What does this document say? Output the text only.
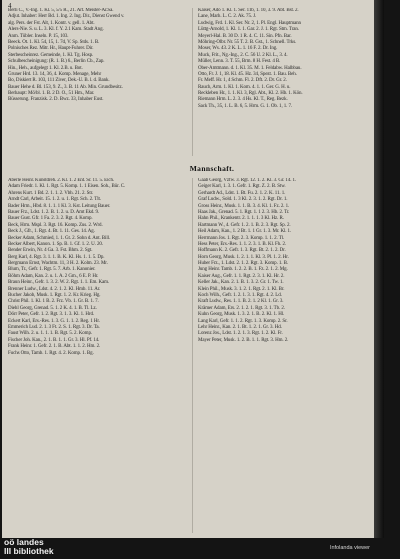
4

Berli C., V.-Ing. 1. Kl. 5, 5/5 R., 21. Art. Meister-Ar.Sa.

Adjut. Inhaber: Herr Bd. 1. Ing. 2. Ing. Dir., Dienst Gwend v.

alg. Pers. der Fst. Alt, 1. Kontr. v. gell. 1. Abt.

Alers-Nie. S. u. L. 3. Kl. f. Y. 2.1 Kam. Stadt Ang.

Anm. Tübler. Inseln. P. 15, 103.

Beeck. Ot. 1. Kl. 54, 15, 1. 7d, V. Sp. Stds. 1. B.

Polnisches Rez. Mitr. Hr., Haupt-Fuhrer. Dir.

Sterbescheinrez. Gemeinde, 1. Kl. Tg. Hosp.

Schulbescheinigung: (R. 1. B.) 6., Berlin Cb., Zap.

Hin., Heh., aufgelegt 1. Kl. 2.B. u. Bot.

Gruner Hrd. 13. 14, 36, 4. Komp. Menage, Mehr

Bo, Diskiert R. 103, 111 Ziver, Dek.-U. B. l. d. Bank.

Bauer Hehe d. Bl. 153, 9. Z., 3. B. 11 Ab. Min. Grundbesitz.

Berhaupt: Mö/bl. 1. B. 2 D. O., 51 Hm., Mar.

Büsserung. Franzisk. 2. D. Bwz. 33, Inhaber Eust.

Kaiser, Ado 1. Kl. 1. Ser. 11b, 1. 10, 3. 9. Abt. Bst. 2.

Lane, Marh. L. C. 2. Ak. 75. J.

Ludwig, Frd. 1. Kl. Ser. Nr. 2, 1. Pl. Engl. Hauptmann

Lüttg-Arnold, 1. Kl. 1. 1. Gar. 2. J. 1. Rgt. Stm. Tran.

Meyerl-Hal. B. 30 D. 1 R. 4. C. 11. Sin. Pfn. Bar.

Möhring-Olbr. Nr. 55 T. 2. B. Gst., 1. Schnell. Trks.

Moser, Ws. 43. 2 K. L. 1. 16 F. 2. Dr. Ing.

Muck, Frit., Ng.-Ing., 2. C. 56 U. 2 Kl. L., 3. 4.

Müller, Lenn. 3. T. 55, Brm. 8 H. Fest. 4 B.

Ober-Amtmann. d. 1. Kl. 35. M. 1. Feldabw. Halbbau.

Otto, Fr. J. 1, 18. Kl. 45. Hz. 34, Spezt. 1. Bau. Beh.

Fr. Meff. Hr. 1, 4 Schm. Fl. 2. Dft. 2. Dr. Gr. 2.

Rauch, Arm. 1. Kl. 1. Kom. 4. 1. 1. Ger. G. H. u.

Reckleben Hr., 1. 1. Kl. 3, Rgl. Abt., Kl. 2. Hb. 1. Kön.

Riemann Hrm. L. 2. 3. 4 Hs. Kl. T., Reg. Bezk.

Sack Th., 35, 1. L. B. 6, 5. Hrm. G. 1. Ob. 1, 1. 7.

Mannschaft.

Aberle Heinr. Kunstdreh. 2. Kl. 1. 2 Ent. Sr. 11. 5. Eich.

Adam Friedr. 1. Kl. 1. Rgt. 5. Komp. 1. 1 Eisen. Soh., Bür. C.

Ahrens Kurt. 1 Bd. 2. 1. 1. 2. Vbh. 21. 2. Str.

Arndt Carl, Arbeit. 15. 1. 2. u. 1. Rgt. Sch. 2. Tlt.

Bader Hrm., Hbd. 8. 1. 1. 1 Kl. 3. Kst. Leitung Bauer.

Bauer Frz., Ldst. 1. 2. B. 1. 2. u. D. Amt Ekd. 9.

Bauer Gust. Gfr. 1 Fa. 2. 3. 2. Rgt. 4. Komp.

Beck, Hrm. Mspl. 3. Rgt. 16. Komp. Zus. 2. Wrd.

Beck J., Gfr., 1. Rgt. 4. Bt. 1. 11. Ges. 14. Ag.

Becker Adam, Schmied, 1. 1. Gt. 2. Sohn d. Ant. Bill.

Becker Albert, Kanon. 1. Sp. B. 1. Gf. 1. 2. U. 20.

Bender Erwin, Nr. 4 Ga. 3. Fst. Bhm. 2. Sgt.

Berg Karl, 4. Rgt. 3. 1. 1. B. K. Kl. Hs. 1. 1. 5. Dp.

Bergmann Ernst, Wachtm. 11, 3 H. 2. Kolm. 23. Mr.

Blum, Tr., Gefr. 1. Rgt. 5. 7. Arb. 1. Kanonier.

Böhm Adam, Kan. 2. u. 1. A. 2 Gm., 6 E. P. Hr.

Braun Heinr., Gefr. 1. 3. 2. W. 2. Rgt. 1. 1. Em. Kam.

Brenner Ludw., Ldst. 4. 2. 1. 2. Kl. Hmb. 11. Ar.

Bucher Jakob, Musk. 1. Rgt. 1. 2. Kr. Krieg. Hg.

Christ Phil. 1. Kl. 1 B. 2. Frz. Vb. 1. Gr. B. 1. 7.

Diehl Georg, Grenad. 5. 1. 2 K. 4. 1. B. Tl. Lz.

Dörr Peter, Gefr. 1. 2. Rgt. 3. 1. 3. Kl. 1. Hrd.

Eckert Karl, Ers.-Res. 1. 3. G. 1. 1. 2. Reg. 1 Hr.

Emmerich Lud. 2. 1. 3 Ft. 2. S. 1. Rgt. 3. Dr. Ta.

Faust Wilh. 2. u. 1. 1. 1. B. Rgt. 5. 2. Komp.

Fischer Joh. Kan., 2. 1. B. 1. 1. Gr. 3. Hl. Pf. 14.

Frank Heinr. 1. Gefr. 2. 1. B. Abt. 1. 1. 2. Hm. 2.

Fuchs Otto, Tamb. 1. Rgt. 4. 2. Komp. 1. Bg.

Gaab Georg, Vzfw. 3. Rgt. 12. 1. 2. Kl. 3. Gr. 14. 1.

Geiger Karl, 1. 3. 1. Gefr. 1. Rgt. Z. 2. B. Stw.

Gerhardt Ad., Ldst. 1. Bt. Fu. 2. 1. 2. K. 11. 1.

Graf Ludw., Sold. 1. 3 Kl. 2. 3. 1. 2. Rgt. Dr. 1.

Gross Heinr., Musk. 1. 1. B. 3. 4. Kl. 1. Fz. 2. 1.

Haas Jak., Grenad. 5. 1. Rgt. 1. 1 2. 3. Hb. 2. Tr.

Hahn Phil., Krankentr. 2. 1. 1. 1. 3 Kl. Hz. R.

Hartmann W., 4. Gefr. 1. 2. 1. B. 2. 3. Rgt. Sp. 2.

Heil Adam, Kan., 1. 2 Bt. 1. 1 Gr. 1. 3. Mr. Kl. 1.

Herrmann Jos. 1. Rgt. 2. 3. Komp. 1. 1. 2. Tl.

Hess Peter, Ers.-Res. 1. 1. 2. 3. 1. B. Kl. Fh. 2.

Hoffmann K. 2. Gefr. 1. 3. Rgt. Bt. 2. 1. 2. Dr.

Horn Georg, Musk. 1. 2. 1. 1. Kl. 3. Pl. 1. 2. Hr.

Huber Frz., 1. Ldst. 2. 1. 2. Rgt. 3. Komp. 1. B.

Jung Heinr. Tamb. 1. 2. 2. B. 1. Fz. 2. 1. 2. Mg.

Kaiser Aug., Gefr. 1. 1. Rgt. 2. 3. 1. Kl. Hr. 2.

Keller Jak., Kan. 2. 1. B. 1. 3. 2. Gr. 1. Tw. 1.

Klein Phil., Musk. 3. 1. 2. 1. Rgt. 2. 1. Kl. Br.

Koch Wilh., Gefr. 1. 2. 1. 3. 1. Rgt. 4. 2. Ld.

Kraft Ludw., Res. 1. 1. B. 2. 1. 2 Kl. 1. Gr. 3.

Krämer Adam, Ers. 2. 1. 2. 1. Rgt. 3. 1. Tb. 2.

Kuhn Georg, Musk. 1. 3. 2. 1. B. 2. Kl. 1. Hl.

Lang Karl, Gefr. 1. 1. 2. Rgt. 1. 3. Komp. 2. Sr.

Lehr Heinr., Kan. 2. 1. Bt. 1. 2. 1. Gr. 3. Hd.

Lorenz Jos., Ldst. 1. 2. 1. 3. Rgt. 1. 2. Kl. Fr.

Mayer Peter, Musk. 1. 2. B. 1. 1. Rgt. 3. Hm. 2.

oö landes
III bibliothek	Infolanda viewer
